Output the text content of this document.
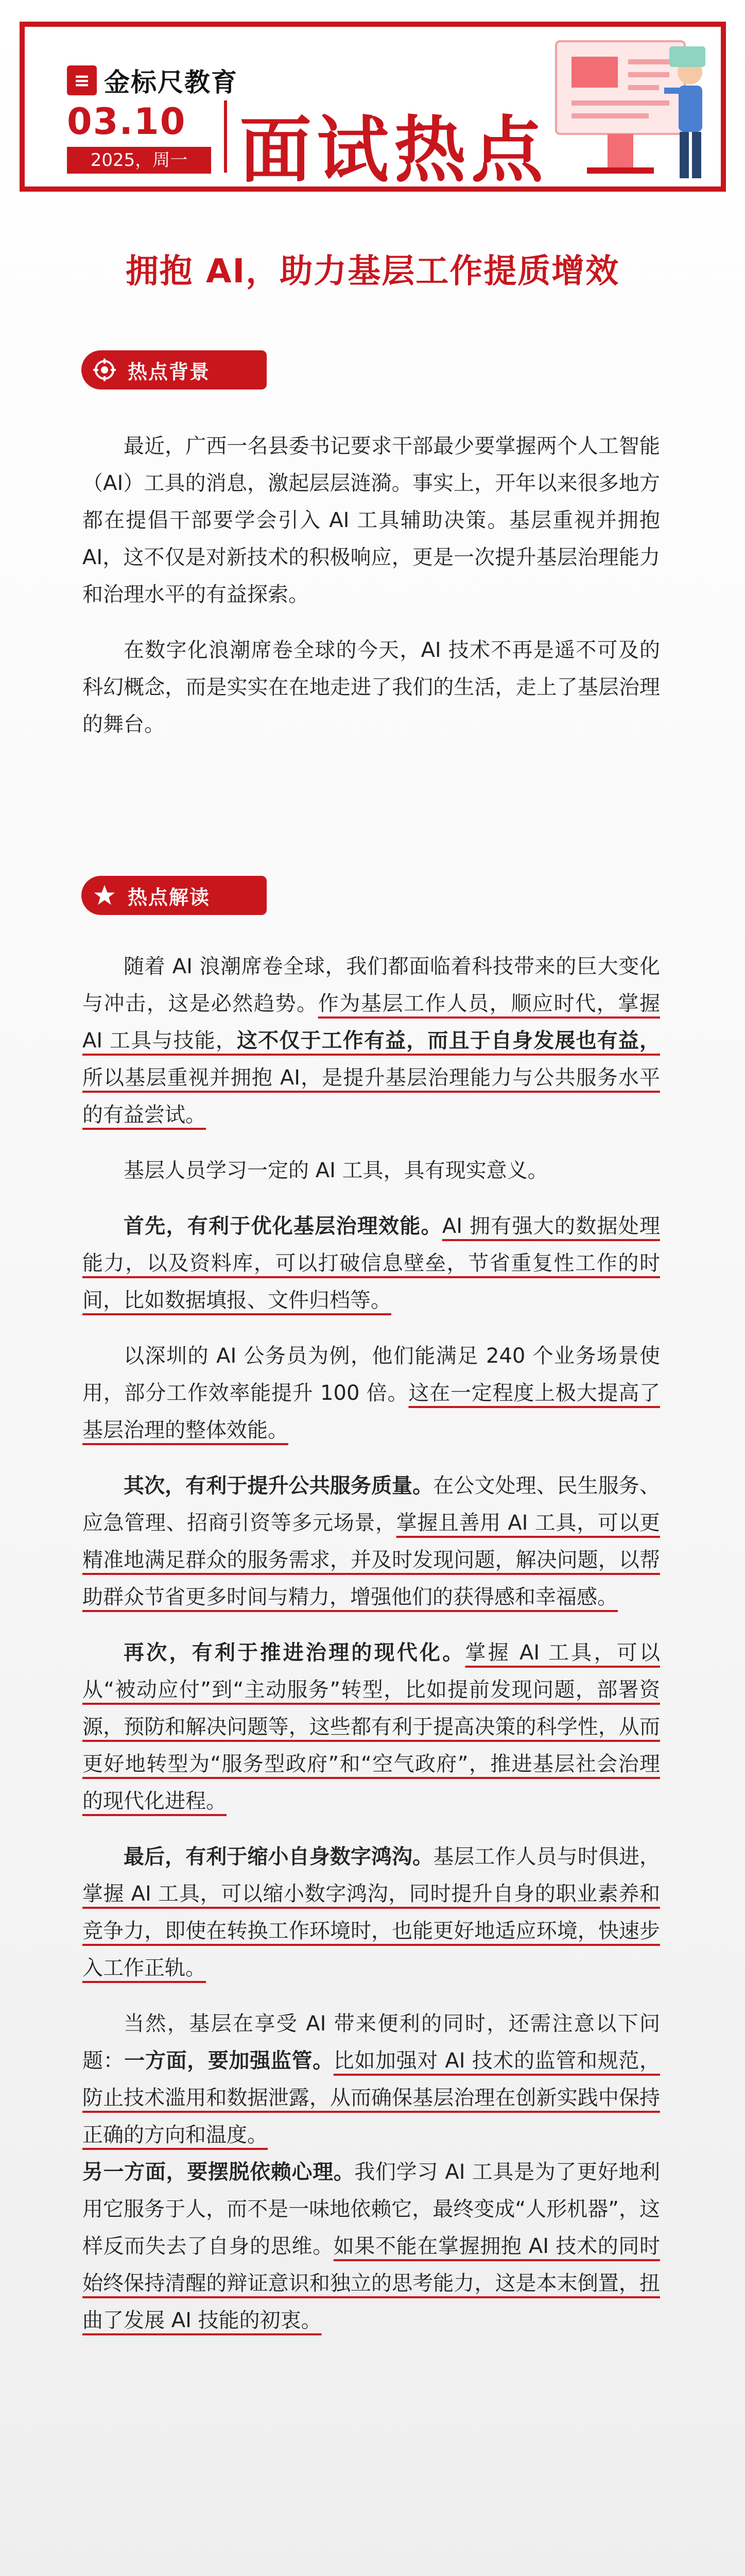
≡ 金标尺教育
03.10
2025，周一 面试热点
拥抱 AI，助力基层工作提质增效
热点背景

最近，广西一名县委书记要求干部最少要掌握两个人工智能（AI）工具的消息，激起层层涟漪。事实上，开年以来很多地方都在提倡干部要学会引入 AI 工具辅助决策。基层重视并拥抱 AI，这不仅是对新技术的积极响应，更是一次提升基层治理能力和治理水平的有益探索。

在数字化浪潮席卷全球的今天，AI 技术不再是遥不可及的科幻概念，而是实实在在地走进了我们的生活，走上了基层治理的舞台。

热点解读

随着 AI 浪潮席卷全球，我们都面临着科技带来的巨大变化与冲击，这是必然趋势。作为基层工作人员，顺应时代，掌握 AI 工具与技能，这不仅于工作有益，而且于自身发展也有益，所以基层重视并拥抱 AI，是提升基层治理能力与公共服务水平的有益尝试。

基层人员学习一定的 AI 工具，具有现实意义。

首先，有利于优化基层治理效能。AI 拥有强大的数据处理能力，以及资料库，可以打破信息壁垒，节省重复性工作的时间，比如数据填报、文件归档等。

以深圳的 AI 公务员为例，他们能满足 240 个业务场景使用，部分工作效率能提升 100 倍。这在一定程度上极大提高了基层治理的整体效能。

其次，有利于提升公共服务质量。在公文处理、民生服务、应急管理、招商引资等多元场景，掌握且善用 AI 工具，可以更精准地满足群众的服务需求，并及时发现问题，解决问题，以帮助群众节省更多时间与精力，增强他们的获得感和幸福感。

再次，有利于推进治理的现代化。掌握 AI 工具，可以从“被动应付”到“主动服务”转型，比如提前发现问题，部署资源，预防和解决问题等，这些都有利于提高决策的科学性，从而更好地转型为“服务型政府”和“空气政府”，推进基层社会治理的现代化进程。

最后，有利于缩小自身数字鸿沟。基层工作人员与时俱进，掌握 AI 工具，可以缩小数字鸿沟，同时提升自身的职业素养和竞争力，即使在转换工作环境时，也能更好地适应环境，快速步入工作正轨。

当然，基层在享受 AI 带来便利的同时，还需注意以下问题：一方面，要加强监管。比如加强对 AI 技术的监管和规范，防止技术滥用和数据泄露，从而确保基层治理在创新实践中保持正确的方向和温度。

另一方面，要摆脱依赖心理。我们学习 AI 工具是为了更好地利用它服务于人，而不是一味地依赖它，最终变成“人形机器”，这样反而失去了自身的思维。如果不能在掌握拥抱 AI 技术的同时始终保持清醒的辩证意识和独立的思考能力，这是本末倒置，扭曲了发展 AI 技能的初衷。
